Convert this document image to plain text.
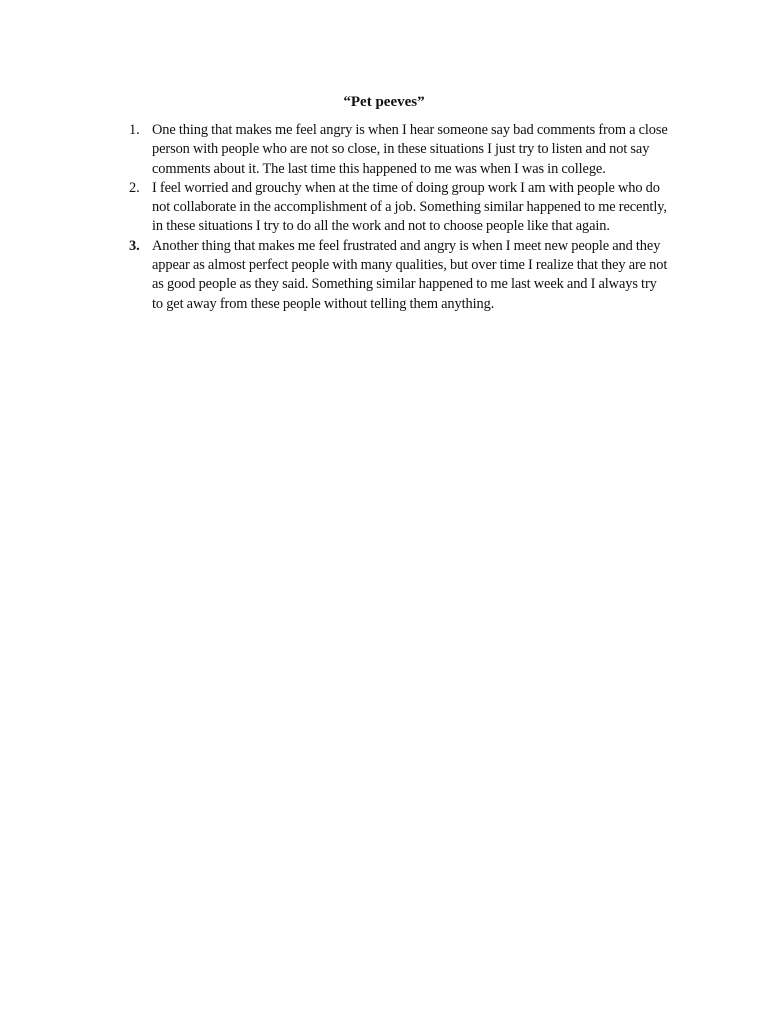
“Pet peeves”
1. One thing that makes me feel angry is when I hear someone say bad comments from a close person with people who are not so close, in these situations I just try to listen and not say comments about it. The last time this happened to me was when I was in college.
2. I feel worried and grouchy when at the time of doing group work I am with people who do not collaborate in the accomplishment of a job. Something similar happened to me recently, in these situations I try to do all the work and not to choose people like that again.
3. Another thing that makes me feel frustrated and angry is when I meet new people and they appear as almost perfect people with many qualities, but over time I realize that they are not as good people as they said. Something similar happened to me last week and I always try to get away from these people without telling them anything.
